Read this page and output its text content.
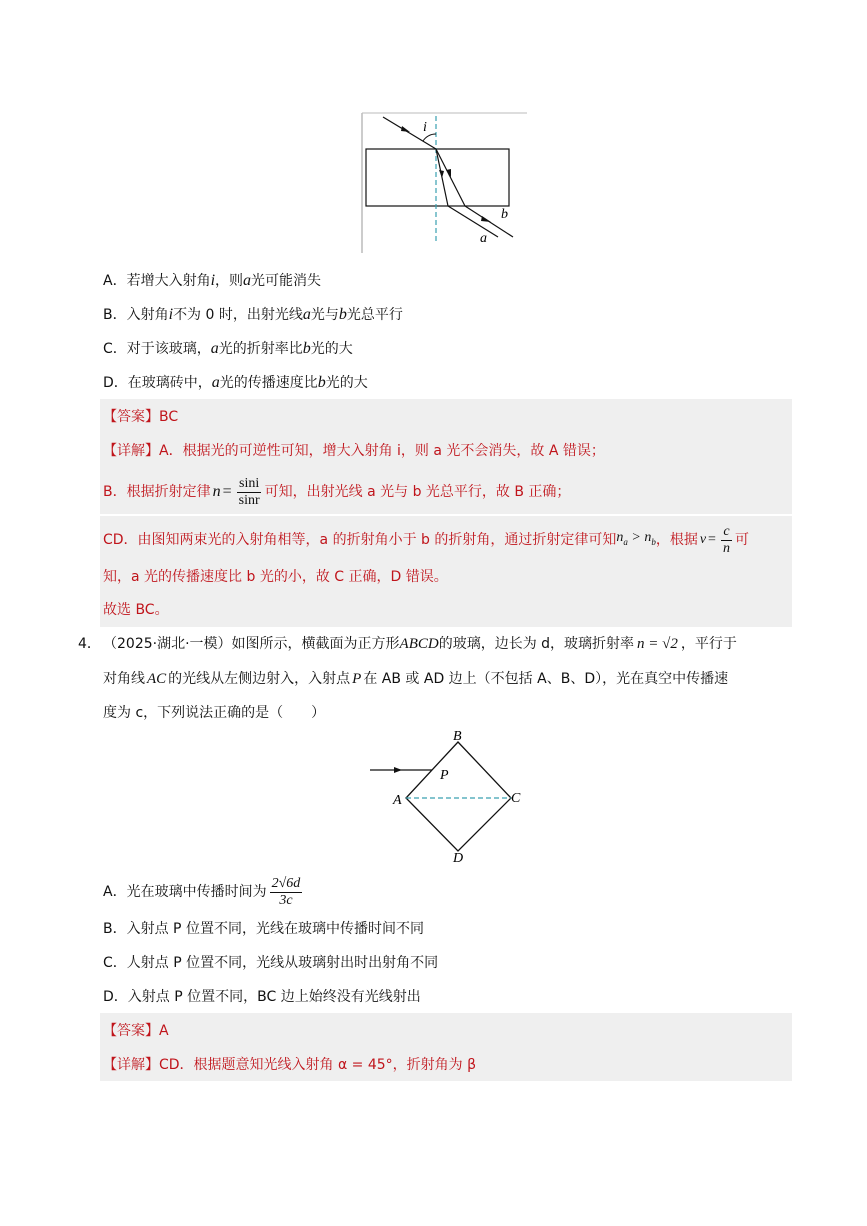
i
b
a
A．若增大入射角i，则a光可能消失
B．入射角i不为 0 时，出射光线a光与b光总平行
C．对于该玻璃，a光的折射率比b光的大
D．在玻璃砖中，a光的传播速度比b光的大
【答案】BC
【详解】A．根据光的可逆性可知，增大入射角 i，则 a 光不会消失，故 A 错误；
B．根据折射定律 $n = \frac{\sin i}{\sin r}$ 可知，出射光线 a 光与 b 光总平行，故 B 正确；
CD．由图知两束光的入射角相等，a 的折射角小于 b 的折射角，通过折射定律可知 $n_a > n_b$ ，根据 $v = \frac{c}{n}$ 可
知，a 光的传播速度比 b 光的小，故 C 正确，D 错误。
故选 BC。
4． （2025·湖北·一模）如图所示，横截面为正方形ABCD的玻璃，边长为 d，玻璃折射率 n = √2 ，平行于
对角线 AC 的光线从左侧边射入，入射点 P 在 AB 或 AD 边上（不包括 A、B、D），光在真空中传播速
度为 c，下列说法正确的是（　　）
B
A	C
D
P
A．光在玻璃中传播时间为 $\frac{2√6d}{3c}$
B．入射点 P 位置不同，光线在玻璃中传播时间不同
C．人射点 P 位置不同，光线从玻璃射出时出射角不同
D．入射点 P 位置不同，BC 边上始终没有光线射出
【答案】A
【详解】CD．根据题意知光线入射角 α = 45°，折射角为 β
